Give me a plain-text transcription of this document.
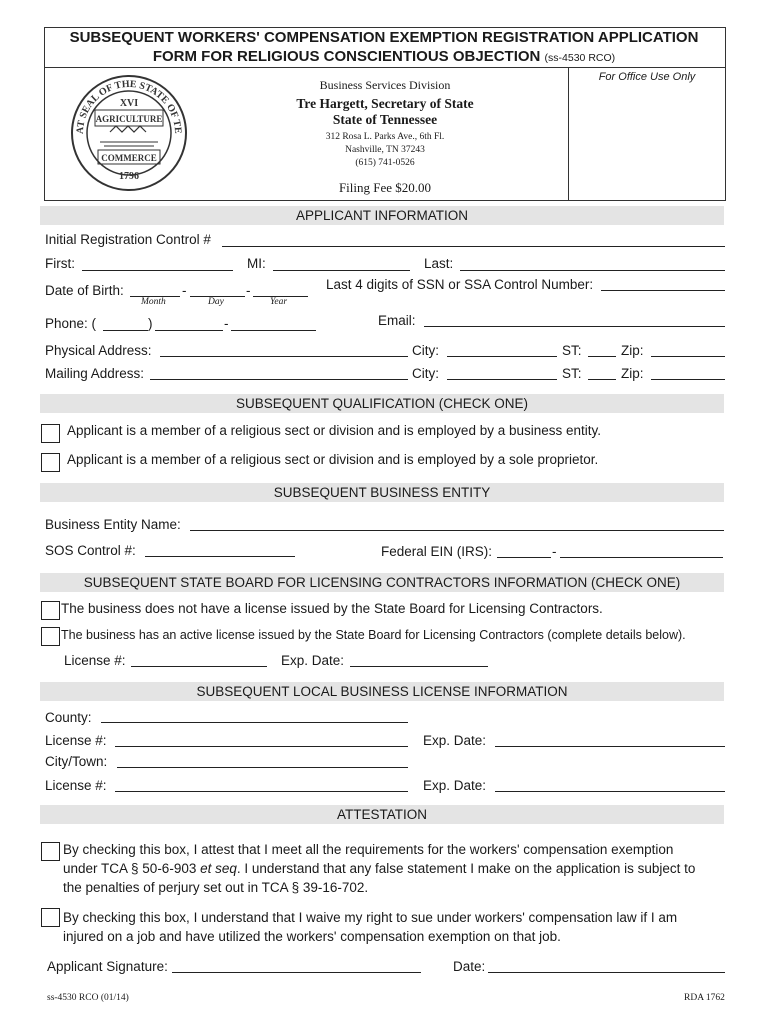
SUBSEQUENT WORKERS' COMPENSATION EXEMPTION REGISTRATION APPLICATION
FORM FOR RELIGIOUS CONSCIENTIOUS OBJECTION (ss-4530 RCO)
For Office Use Only
AT SEAL OF THE STATE OF TE
XVI
AGRICULTURE
COMMERCE
1796
Business Services Division
Tre Hargett, Secretary of State
State of Tennessee
312 Rosa L. Parks Ave., 6th Fl.
Nashville, TN 37243
(615) 741-0526
Filing Fee $20.00
APPLICANT INFORMATION
Initial Registration Control #
First:	MI:	Last:
Date of Birth:	-	-
Month	Day	Year
Last 4 digits of SSN or SSA Control Number:
Phone: (	)	-	Email:
Physical Address:	City:	ST:	Zip:
Mailing Address:	City:	ST:	Zip:
SUBSEQUENT QUALIFICATION (CHECK ONE)
Applicant is a member of a religious sect or division and is employed by a business entity.
Applicant is a member of a religious sect or division and is employed by a sole proprietor.
SUBSEQUENT BUSINESS ENTITY
Business Entity Name:
SOS Control #:	Federal EIN (IRS):	-
SUBSEQUENT STATE BOARD FOR LICENSING CONTRACTORS INFORMATION (CHECK ONE)
The business does not have a license issued by the State Board for Licensing Contractors.
The business has an active license issued by the State Board for Licensing Contractors (complete details below).
License #:	Exp. Date:
SUBSEQUENT LOCAL BUSINESS LICENSE INFORMATION
County:
License #:	Exp. Date:
City/Town:
License #:	Exp. Date:
ATTESTATION
By checking this box, I attest that I meet all the requirements for the workers' compensation exemption
under TCA § 50-6-903 et seq. I understand that any false statement I make on the application is subject to
the penalties of perjury set out in TCA § 39-16-702.
By checking this box, I understand that I waive my right to sue under workers' compensation law if I am
injured on a job and have utilized the workers' compensation exemption on that job.
Applicant Signature:	Date:
ss-4530 RCO (01/14)	RDA 1762
